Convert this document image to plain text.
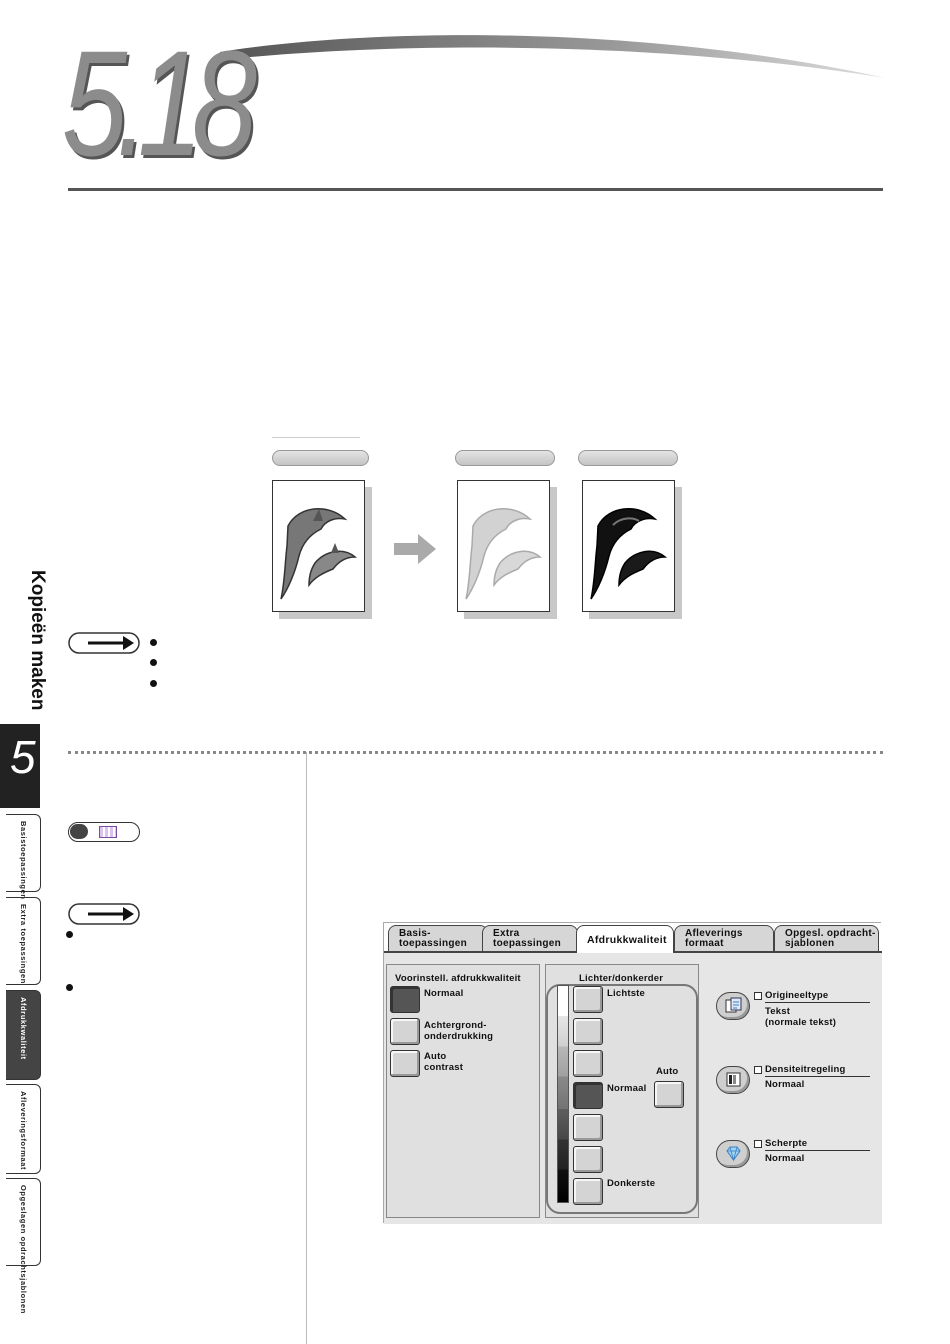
5.18
Kopieën maken
5
Basistoepassingen
Extra toepassingen
Afdrukkwaliteit
Afleveringsformaat
Opgeslagen opdrachtsjablonen
Basis-
toepassingen
Extra
toepassingen	Afdrukkwaliteit
Afleverings
formaat
Opgesl. opdracht-
sjablonen
Voorinstell. afdrukkwaliteit
Normaal
Achtergrond-
onderdrukking
Auto
contrast
Lichter/donkerder
Lichtste
Normaal
Donkerste
Auto
Origineeltype
Tekst
(normale tekst)
Densiteitregeling
Normaal
Scherpte
Normaal
